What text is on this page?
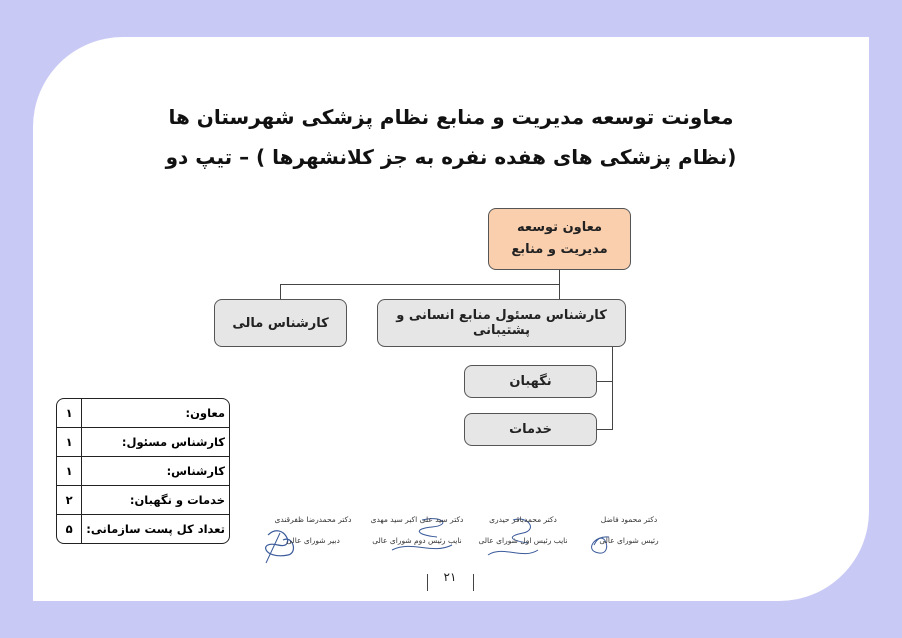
معاونت توسعه مدیریت و منابع نظام پزشکی شهرستان ها
(نظام پزشکی های هفده نفره به جز کلانشهرها ) – تیپ دو
معاون توسعه
مدیریت و منابع
کارشناس مسئول منابع انسانی و پشتیبانی
کارشناس مالی
نگهبان
خدمات
معاون:	۱
کارشناس مسئول:	۱
کارشناس:	۱
خدمات و نگهبان:	۲
تعداد کل پست سازمانی:	۵
دکتر محمدرضا ظفرقندی
دبیر شورای عالی
دکتر سید علی اکبر سید مهدی
نایب رئیس دوم شورای عالی
دکتر محمدباقر حیدری
نایب رئیس اول شورای عالی
دکتر محمود فاضل
رئیس شورای عالی
۲۱
